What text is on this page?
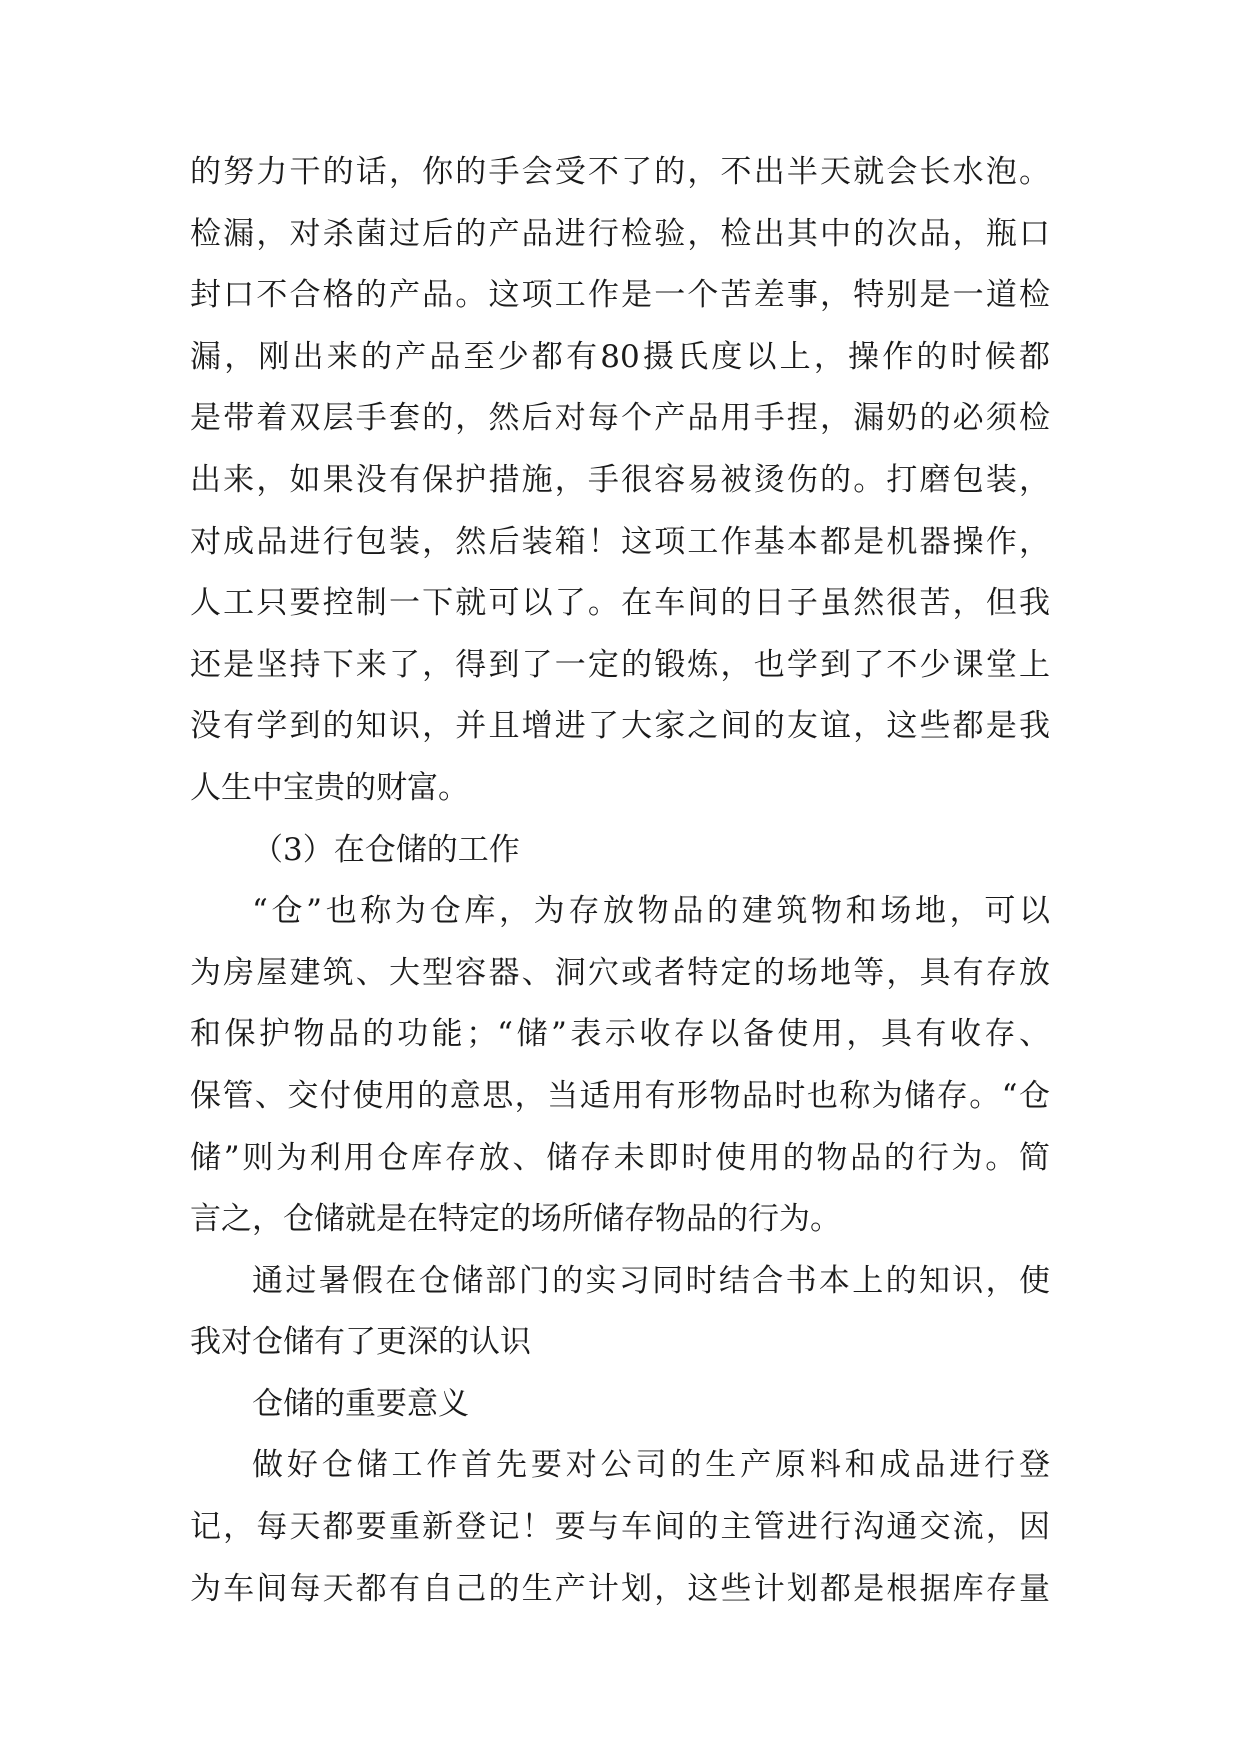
的努力干的话，你的手会受不了的，不出半天就会长水泡。
检漏，对杀菌过后的产品进行检验，检出其中的次品，瓶口
封口不合格的产品。这项工作是一个苦差事，特别是一道检
漏，刚出来的产品至少都有80摄氏度以上，操作的时候都
是带着双层手套的，然后对每个产品用手捏，漏奶的必须检
出来，如果没有保护措施，手很容易被烫伤的。打磨包装，
对成品进行包装，然后装箱！这项工作基本都是机器操作，
人工只要控制一下就可以了。在车间的日子虽然很苦，但我
还是坚持下来了，得到了一定的锻炼，也学到了不少课堂上
没有学到的知识，并且增进了大家之间的友谊，这些都是我
人生中宝贵的财富。
（3）在仓储的工作
“仓”也称为仓库，为存放物品的建筑物和场地，可以
为房屋建筑、大型容器、洞穴或者特定的场地等，具有存放
和保护物品的功能；“储”表示收存以备使用，具有收存、
保管、交付使用的意思，当适用有形物品时也称为储存。“仓
储”则为利用仓库存放、储存未即时使用的物品的行为。简
言之，仓储就是在特定的场所储存物品的行为。
通过暑假在仓储部门的实习同时结合书本上的知识，使
我对仓储有了更深的认识
仓储的重要意义
做好仓储工作首先要对公司的生产原料和成品进行登
记，每天都要重新登记！要与车间的主管进行沟通交流，因
为车间每天都有自己的生产计划，这些计划都是根据库存量
